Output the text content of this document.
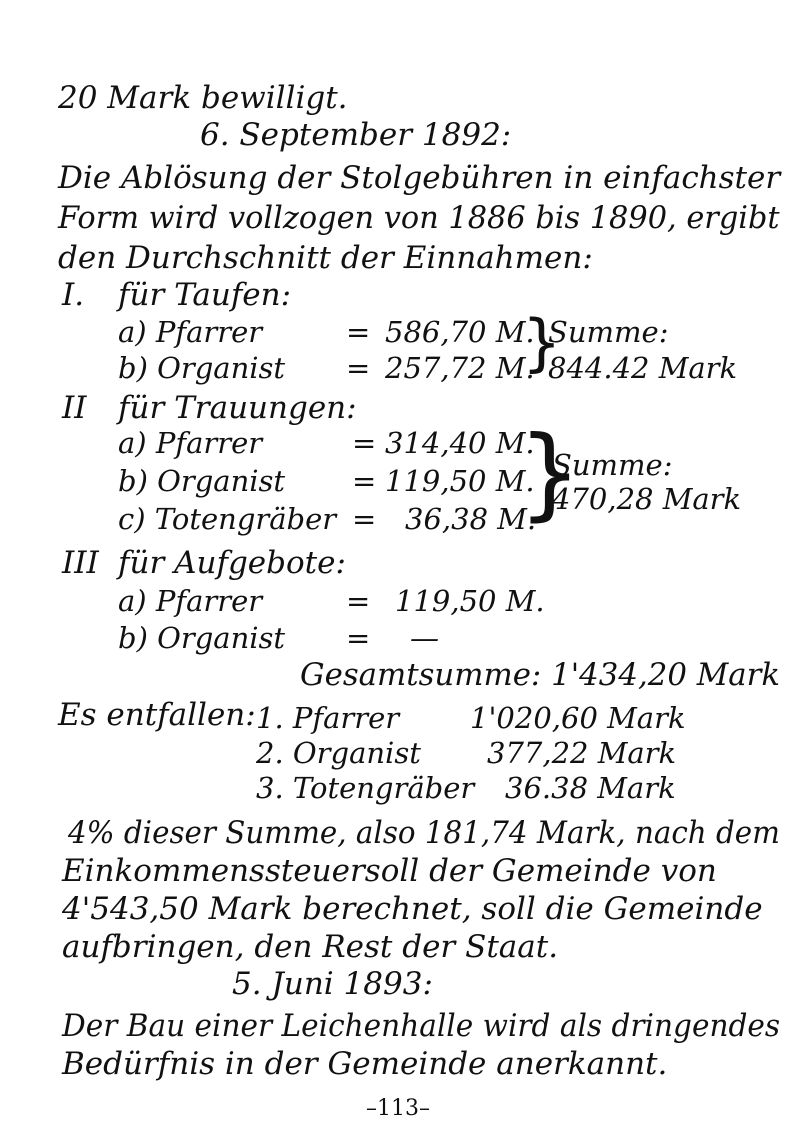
20 Mark bewilligt.
6. September 1892:
Die Ablösung der Stolgebühren in einfachster
Form wird vollzogen von 1886 bis 1890, ergibt
den Durchschnitt der Einnahmen:
I. für Taufen:
a) Pfarrer	= 586,70 M.
b) Organist = 257,72 M.
}
Summe:
844.42 Mark
II für Trauungen:
a) Pfarrer	= 314,40 M.
b) Organist = 119,50 M.
c) Totengräber = 36,38 M.
}
Summe:
470,28 Mark
III für Aufgebote:
a) Pfarrer	= 119,50 M.
b) Organist = —
Gesamtsumme: 1'434,20 Mark
Es entfallen: 1. Pfarrer 1'020,60 Mark
2. Organist 377,22 Mark
3. Totengräber 36.38 Mark
4% dieser Summe, also 181,74 Mark, nach dem
Einkommenssteuersoll der Gemeinde von
4'543,50 Mark berechnet, soll die Gemeinde
aufbringen, den Rest der Staat.
5. Juni 1893:
Der Bau einer Leichenhalle wird als dringendes
Bedürfnis in der Gemeinde anerkannt.
–113–
